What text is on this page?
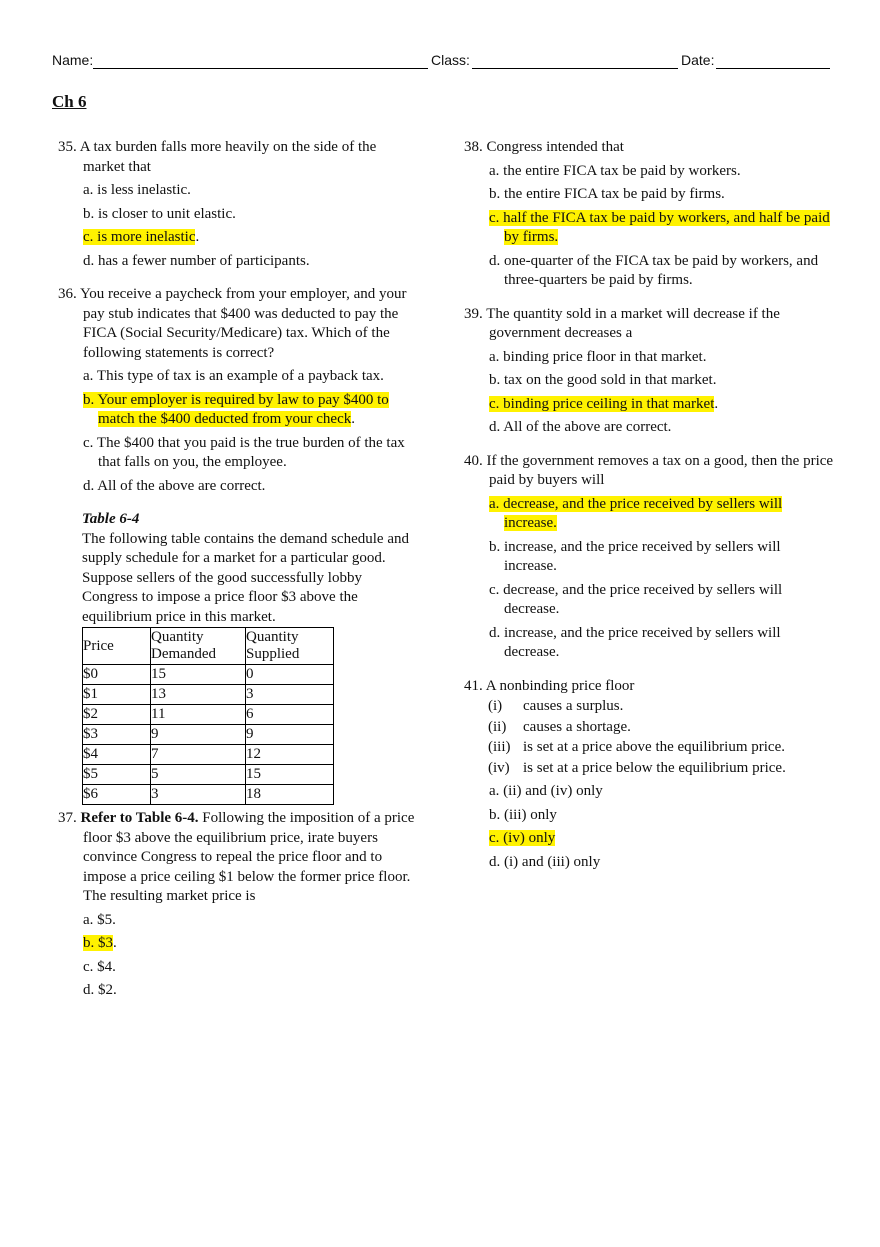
Name:	Class:	Date:
Ch 6
35. A tax burden falls more heavily on the side of the market that
a. is less inelastic.
b. is closer to unit elastic.
c. is more inelastic.
d. has a fewer number of participants.
36. You receive a paycheck from your employer, and your pay stub indicates that $400 was deducted to pay the FICA (Social Security/Medicare) tax. Which of the following statements is correct?
a. This type of tax is an example of a payback tax.
b. Your employer is required by law to pay $400 to match the $400 deducted from your check.
c. The $400 that you paid is the true burden of the tax that falls on you, the employee.
d. All of the above are correct.
Table 6-4
The following table contains the demand schedule and supply schedule for a market for a particular good. Suppose sellers of the good successfully lobby Congress to impose a price floor $3 above the equilibrium price in this market.
Price	Quantity Demanded	Quantity Supplied
$0	15	0
$1	13	3
$2	11	6
$3	9	9
$4	7	12
$5	5	15
$6	3	18
37. Refer to Table 6-4. Following the imposition of a price floor $3 above the equilibrium price, irate buyers convince Congress to repeal the price floor and to impose a price ceiling $1 below the former price floor. The resulting market price is
a. $5.
b. $3.
c. $4.
d. $2.
38. Congress intended that
a. the entire FICA tax be paid by workers.
b. the entire FICA tax be paid by firms.
c. half the FICA tax be paid by workers, and half be paid by firms.
d. one-quarter of the FICA tax be paid by workers, and three-quarters be paid by firms.
39. The quantity sold in a market will decrease if the government decreases a
a. binding price floor in that market.
b. tax on the good sold in that market.
c. binding price ceiling in that market.
d. All of the above are correct.
40. If the government removes a tax on a good, then the price paid by buyers will
a. decrease, and the price received by sellers will increase.
b. increase, and the price received by sellers will increase.
c. decrease, and the price received by sellers will decrease.
d. increase, and the price received by sellers will decrease.
41. A nonbinding price floor
(i)	causes a surplus.
(ii)	causes a shortage.
(iii) is set at a price above the equilibrium price.
(iv) is set at a price below the equilibrium price.
a. (ii) and (iv) only
b. (iii) only
c. (iv) only
d. (i) and (iii) only
